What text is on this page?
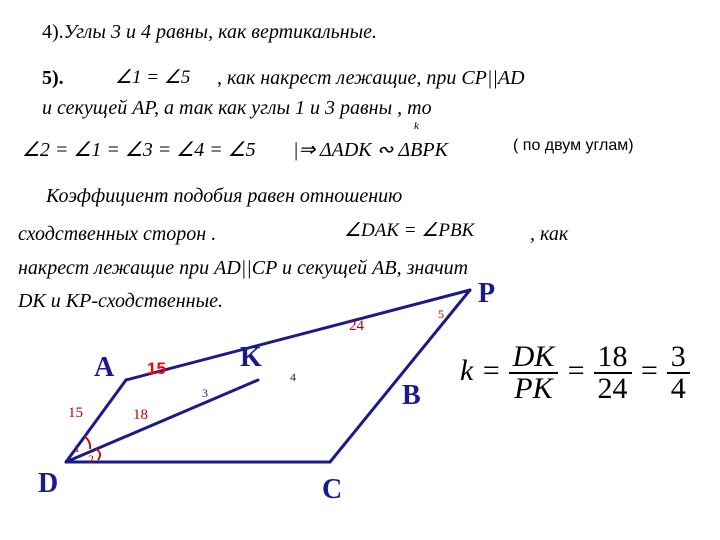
4).Углы 3 и 4 равны, как вертикальные.
5).	∠1 = ∠5 , как накрест лежащие, при CP||AD
и секущей AP, а так как углы 1 и 3 равны , то
k
∠2 = ∠1 = ∠3 = ∠4 = ∠5 |⇒ ΔADK ∾ ΔBPK	( по двум углам)
Коэффициент подобия равен отношению
сходственных сторон .	∠DAK = ∠PBK	, как
накрест лежащие при AD||CP и секущей AB, значит
DK и KP-сходственные.
A	K
P
B
D	C
15
15	18
24
1
2
3
4
5
$k = \frac{DK}{PK} = \frac{18}{24} = \frac{3}{4}$
